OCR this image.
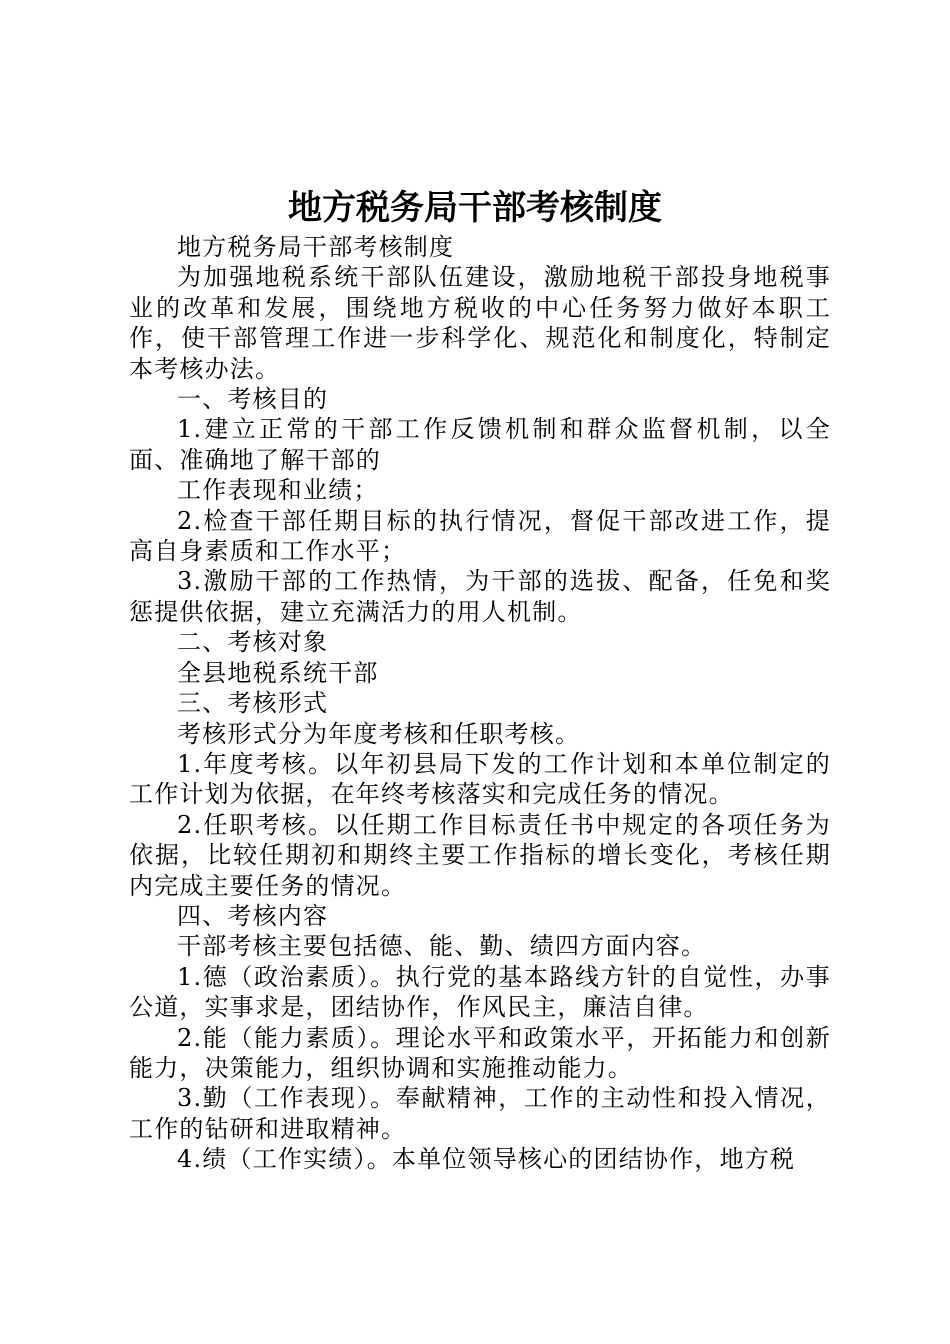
地方税务局干部考核制度

地方税务局干部考核制度

为加强地税系统干部队伍建设，激励地税干部投身地税事业的改革和发展，围绕地方税收的中心任务努力做好本职工作，使干部管理工作进一步科学化、规范化和制度化，特制定本考核办法。

一、考核目的

1.建立正常的干部工作反馈机制和群众监督机制，以全面、准确地了解干部的

工作表现和业绩；

2.检查干部任期目标的执行情况，督促干部改进工作，提高自身素质和工作水平；

3.激励干部的工作热情，为干部的选拔、配备，任免和奖惩提供依据，建立充满活力的用人机制。

二、考核对象

全县地税系统干部

三、考核形式

考核形式分为年度考核和任职考核。

1.年度考核。以年初县局下发的工作计划和本单位制定的工作计划为依据，在年终考核落实和完成任务的情况。

2.任职考核。以任期工作目标责任书中规定的各项任务为依据，比较任期初和期终主要工作指标的增长变化，考核任期内完成主要任务的情况。

四、考核内容

干部考核主要包括德、能、勤、绩四方面内容。

1.德（政治素质）。执行党的基本路线方针的自觉性，办事公道，实事求是，团结协作，作风民主，廉洁自律。

2.能（能力素质）。理论水平和政策水平，开拓能力和创新能力，决策能力，组织协调和实施推动能力。

3.勤（工作表现）。奉献精神，工作的主动性和投入情况，工作的钻研和进取精神。

4.绩（工作实绩）。本单位领导核心的团结协作，地方税
